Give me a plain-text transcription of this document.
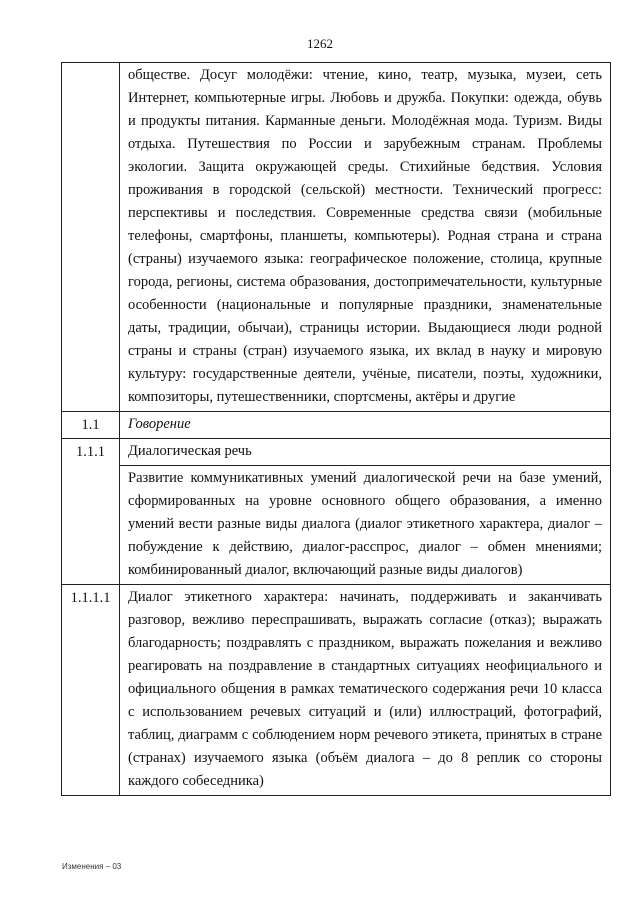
1262
	обществе. Досуг молодёжи: чтение, кино, театр, музыка, музеи, сеть Интернет, компьютерные игры. Любовь и дружба. Покупки: одежда, обувь и продукты питания. Карманные деньги. Молодёжная мода. Туризм. Виды отдыха. Путешествия по России и зарубежным странам. Проблемы экологии. Защита окружающей среды. Стихийные бедствия. Условия проживания в городской (сельской) местности. Технический прогресс: перспективы и последствия. Современные средства связи (мобильные телефоны, смартфоны, планшеты, компьютеры). Родная страна и страна (страны) изучаемого языка: географическое положение, столица, крупные города, регионы, система образования, достопримечательности, культурные особенности (национальные и популярные праздники, знаменательные даты, традиции, обычаи), страницы истории. Выдающиеся люди родной страны и страны (стран) изучаемого языка, их вклад в науку и мировую культуру: государственные деятели, учёные, писатели, поэты, художники, композиторы, путешественники, спортсмены, актёры и другие
1.1	Говорение
1.1.1	Диалогическая речь
	Развитие коммуникативных умений диалогической речи на базе умений, сформированных на уровне основного общего образования, а именно умений вести разные виды диалога (диалог этикетного характера, диалог – побуждение к действию, диалог-расспрос, диалог – обмен мнениями; комбинированный диалог, включающий разные виды диалогов)
1.1.1.1	Диалог этикетного характера: начинать, поддерживать и заканчивать разговор, вежливо переспрашивать, выражать согласие (отказ); выражать благодарность; поздравлять с праздником, выражать пожелания и вежливо реагировать на поздравление в стандартных ситуациях неофициального и официального общения в рамках тематического содержания речи 10 класса с использованием речевых ситуаций и (или) иллюстраций, фотографий, таблиц, диаграмм с соблюдением норм речевого этикета, принятых в стране (странах) изучаемого языка (объём диалога – до 8 реплик со стороны каждого собеседника)
Изменения – 03
